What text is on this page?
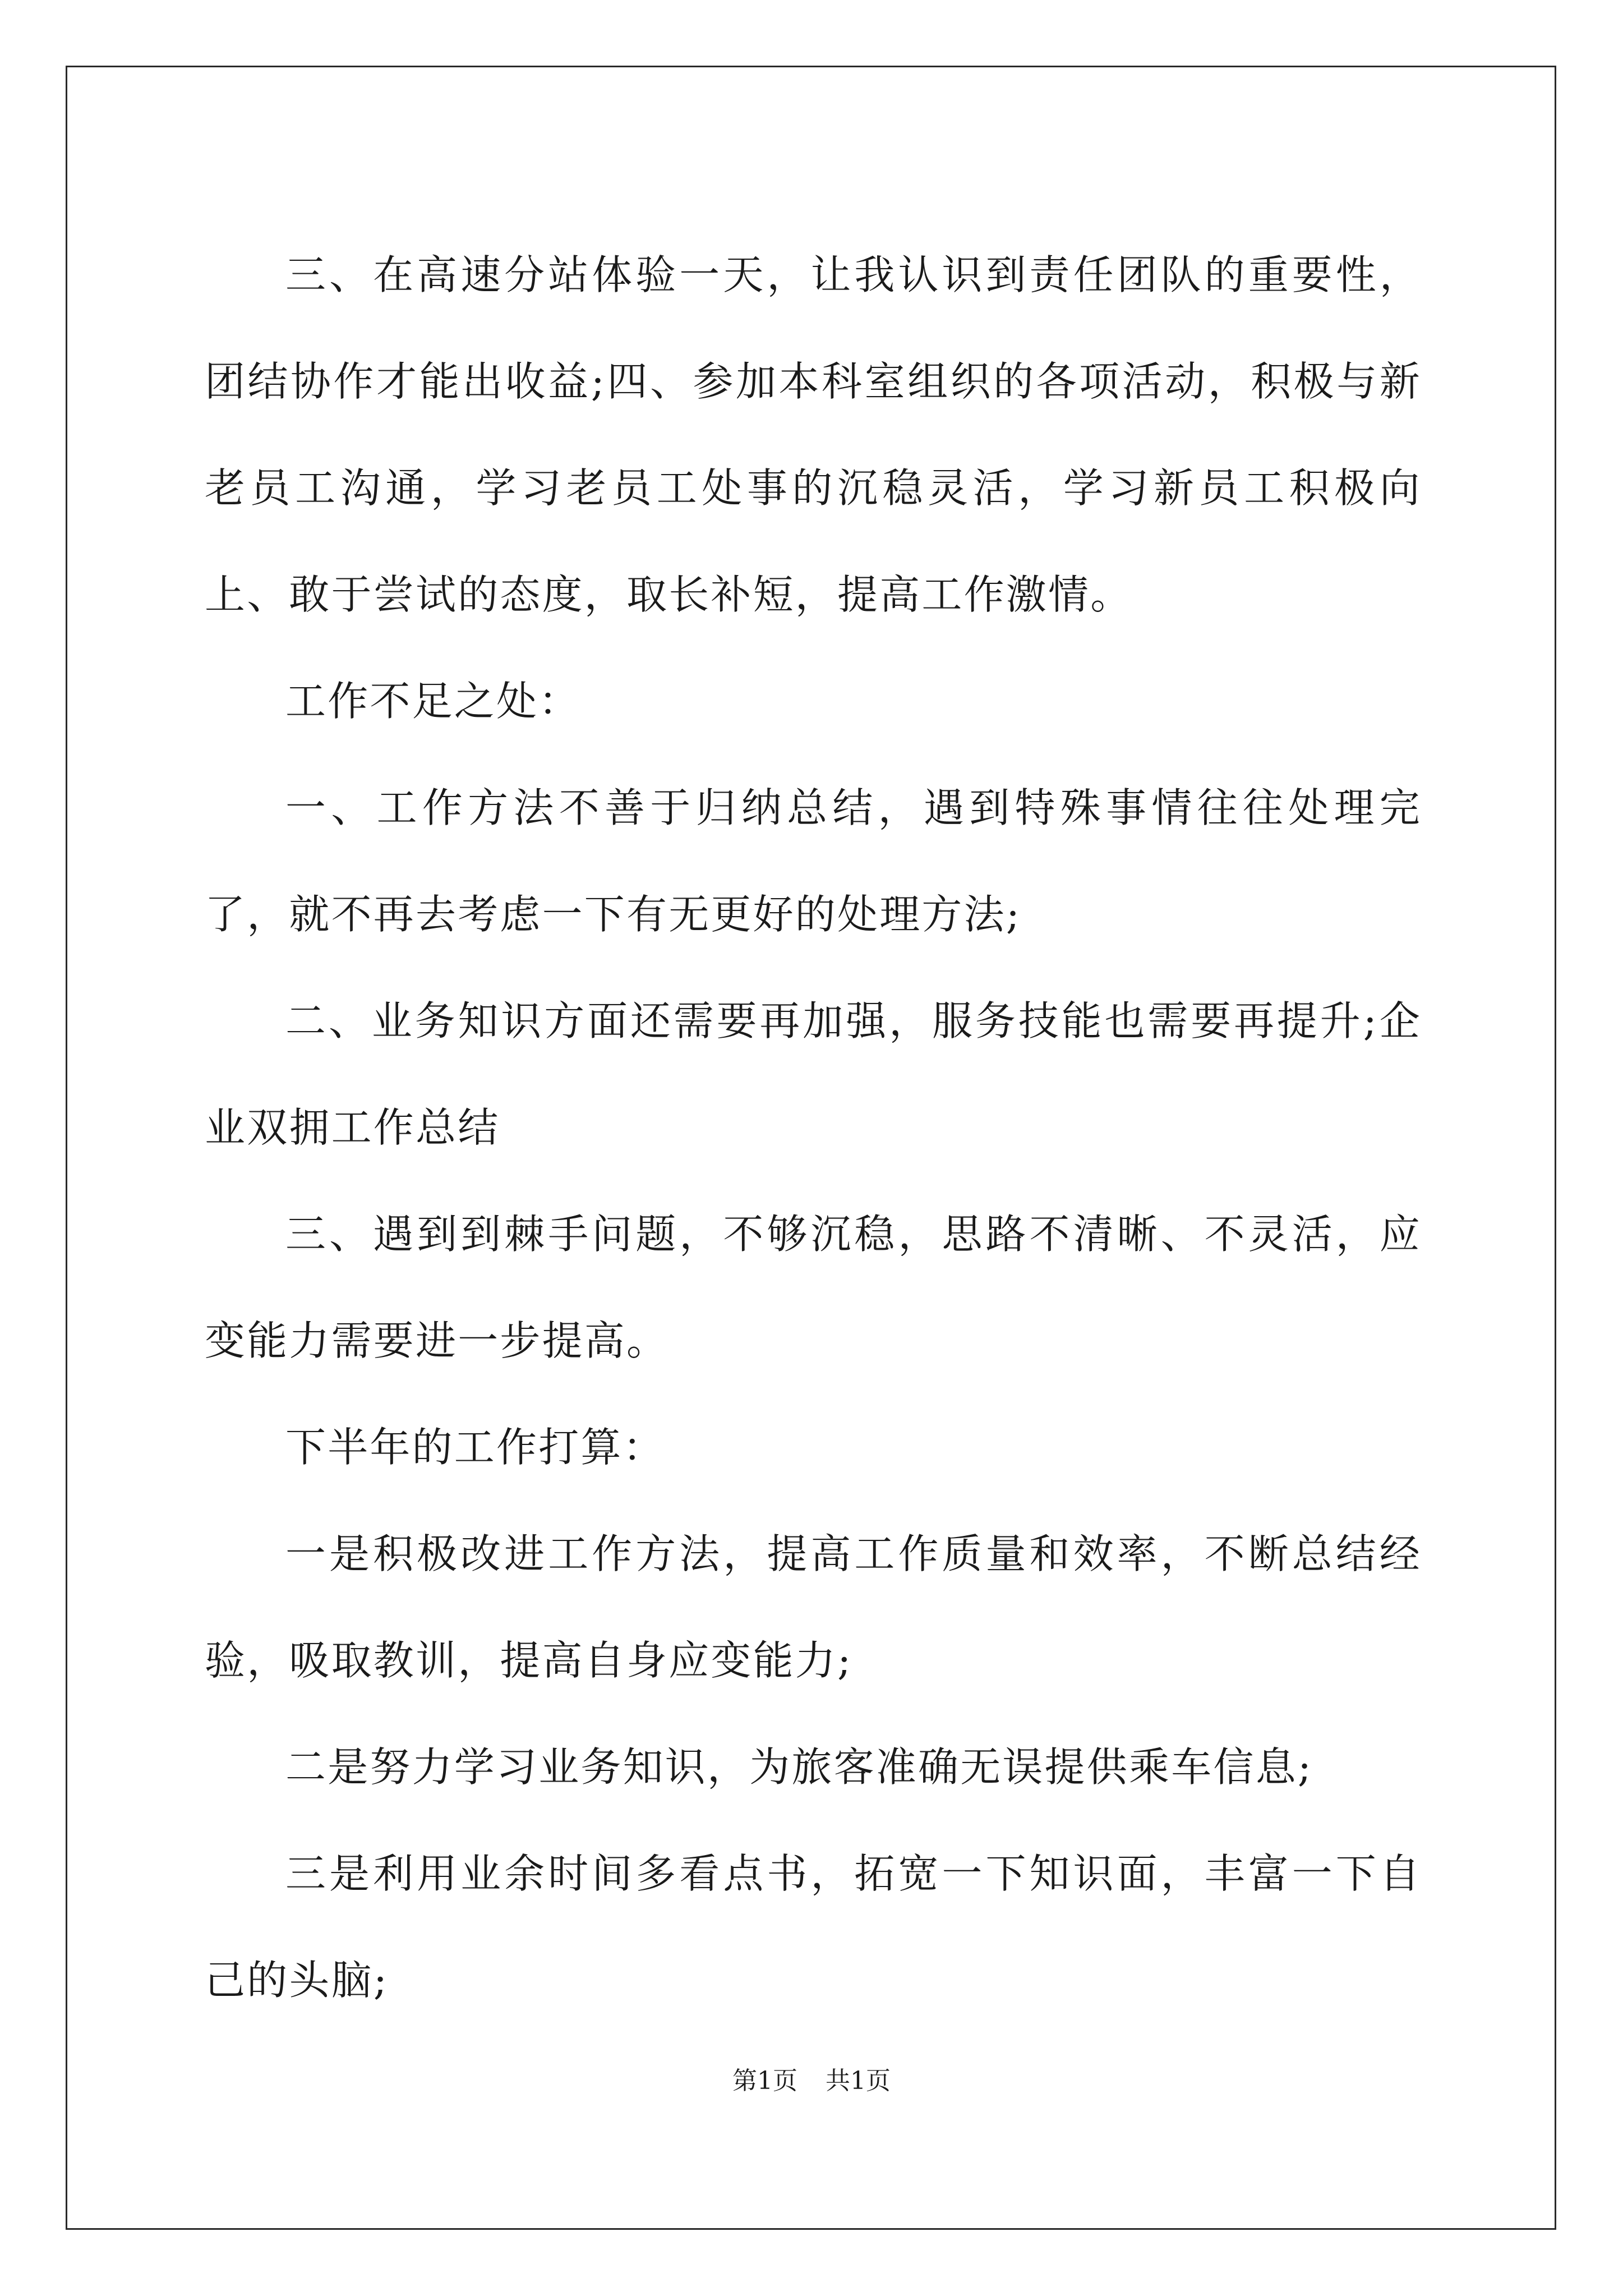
三、在高速分站体验一天，让我认识到责任团队的重要性，团结协作才能出收益;四、参加本科室组织的各项活动，积极与新老员工沟通，学习老员工处事的沉稳灵活，学习新员工积极向上、敢于尝试的态度，取长补短，提高工作激情。

工作不足之处：

一、工作方法不善于归纳总结，遇到特殊事情往往处理完了，就不再去考虑一下有无更好的处理方法;

二、业务知识方面还需要再加强，服务技能也需要再提升;企业双拥工作总结

三、遇到到棘手问题，不够沉稳，思路不清晰、不灵活，应变能力需要进一步提高。

下半年的工作打算：

一是积极改进工作方法，提高工作质量和效率，不断总结经验，吸取教训，提高自身应变能力;

二是努力学习业务知识，为旅客准确无误提供乘车信息;

三是利用业余时间多看点书，拓宽一下知识面，丰富一下自己的头脑;

第1页 共1页
